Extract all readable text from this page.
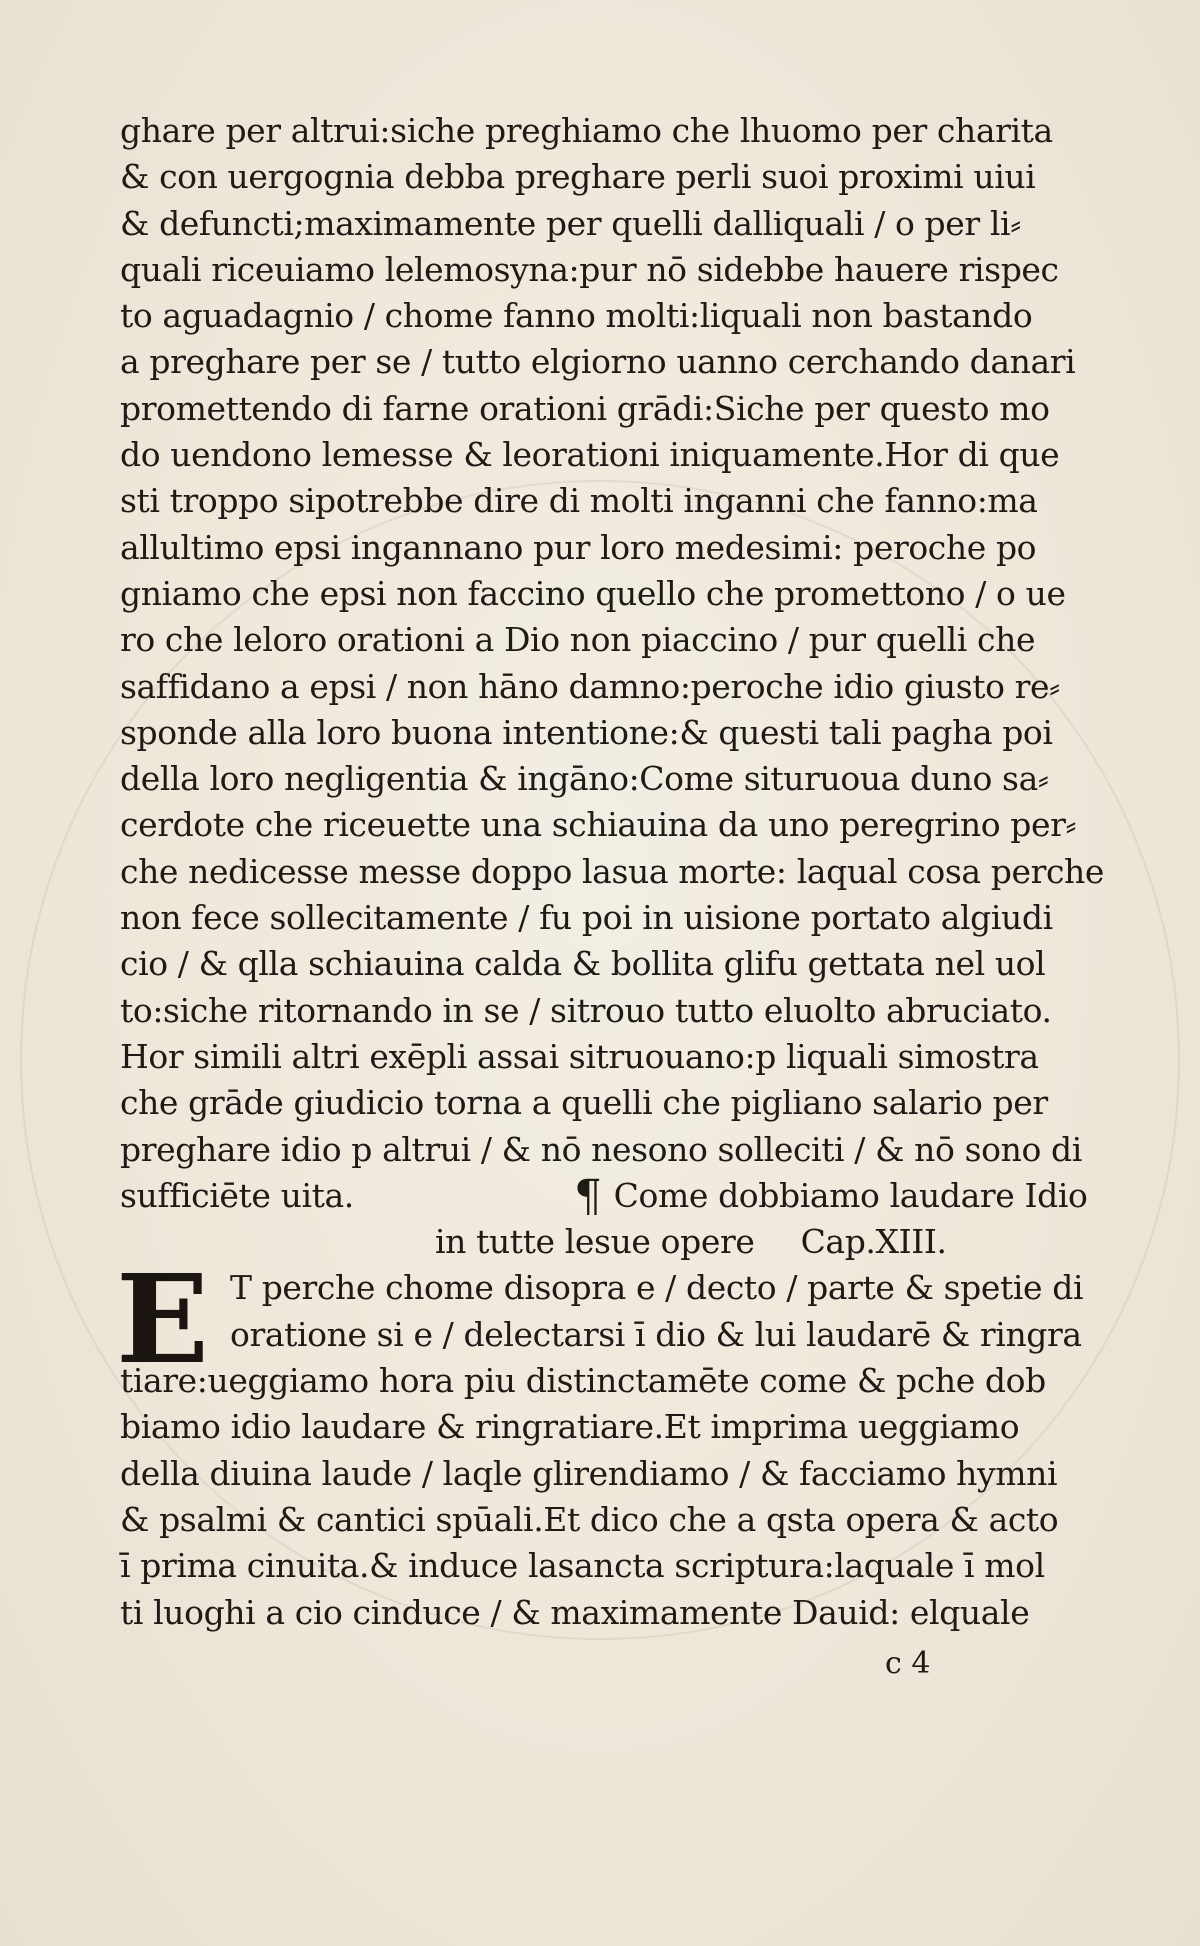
ghare per altrui:siche preghiamo che lhuomo per charita
& con uergognia debba preghare perli suoi proximi uiui
& defuncti;maximamente per quelli dalliquali / o per li⸗
quali riceuiamo lelemosyna:pur nō sidebbe hauere rispec
to aguadagnio / chome fanno molti:liquali non bastando
a preghare per se / tutto elgiorno uanno cerchando danari
promettendo di farne orationi grādi:Siche per questo mo
do uendono lemesse & leorationi iniquamente.Hor di que
sti troppo sipotrebbe dire di molti inganni che fanno:ma
allultimo epsi ingannano pur loro medesimi: peroche po
gniamo che epsi non faccino quello che promettono / o ue
ro che leloro orationi a Dio non piaccino / pur quelli che
saffidano a epsi / non hāno damno:peroche idio giusto re⸗
sponde alla loro buona intentione:& questi tali pagha poi
della loro negligentia & ingāno:Come situruoua duno sa⸗
cerdote che riceuette una schiauina da uno peregrino per⸗
che nedicesse messe doppo lasua morte: laqual cosa perche
non fece sollecitamente / fu poi in uisione portato algiudi
cio / & qlla schiauina calda & bollita glifu gettata nel uol
to:siche ritornando in se / sitrouo tutto eluolto abruciato.
Hor simili altri exēpli assai sitruouano:p liquali simostra
che grāde giudicio torna a quelli che pigliano salario per
preghare idio p altrui / & nō nesono solleciti / & nō sono di
sufficiēte uita.	¶ Come dobbiamo laudare Idio
in tutte lesue opere Cap.XIII.
E T perche chome disopra e / decto / parte & spetie di
oratione si e / delectarsi ī dio & lui laudarē & ringra
tiare:ueggiamo hora piu distinctamēte come & pche dob
biamo idio laudare & ringratiare.Et imprima ueggiamo
della diuina laude / laqle glirendiamo / & facciamo hymni
& psalmi & cantici spūali.Et dico che a qsta opera & acto
ī prima cinuita.& induce lasancta scriptura:laquale ī mol
ti luoghi a cio cinduce / & maximamente Dauid: elquale
c 4
